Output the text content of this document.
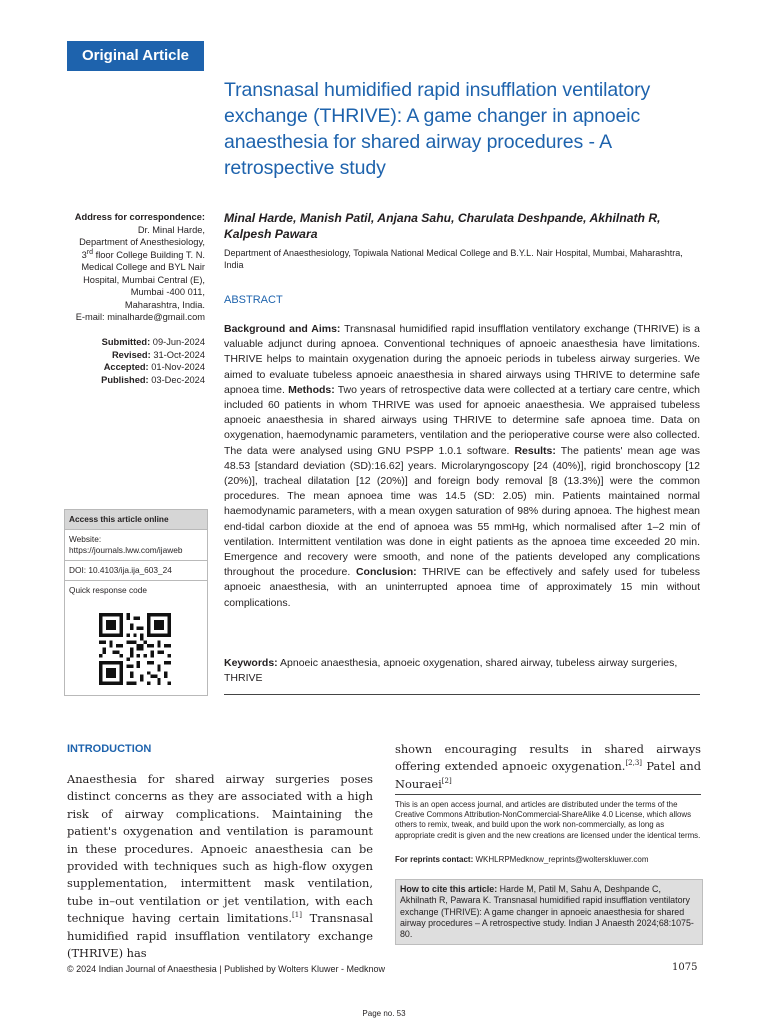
Original Article
Transnasal humidified rapid insufflation ventilatory exchange (THRIVE): A game changer in apnoeic anaesthesia for shared airway procedures - A retrospective study
Address for correspondence:
Dr. Minal Harde,
Department of Anesthesiology,
3rd floor College Building T. N.
Medical College and BYL Nair
Hospital, Mumbai Central (E),
Mumbai -400 011,
Maharashtra, India.
E-mail: minalharde@gmail.com
Submitted: 09-Jun-2024
Revised: 31-Oct-2024
Accepted: 01-Nov-2024
Published: 03-Dec-2024
Access this article online
Website: https://journals.lww.com/ijaweb
DOI: 10.4103/ija.ija_603_24
Quick response code

Minal Harde, Manish Patil, Anjana Sahu, Charulata Deshpande, Akhilnath R, Kalpesh Pawara

Department of Anaesthesiology, Topiwala National Medical College and B.Y.L. Nair Hospital, Mumbai, Maharashtra, India
ABSTRACT

Background and Aims: Transnasal humidified rapid insufflation ventilatory exchange (THRIVE) is a valuable adjunct during apnoea. Conventional techniques of apnoeic anaesthesia have limitations. THRIVE helps to maintain oxygenation during the apnoeic periods in tubeless airway surgeries. We aimed to evaluate tubeless apnoeic anaesthesia in shared airways using THRIVE to determine safe apnoea time. Methods: Two years of retrospective data were collected at a tertiary care centre, which included 60 patients in whom THRIVE was used for apnoeic anaesthesia. We appraised tubeless apnoeic anaesthesia in shared airways using THRIVE to determine safe apnoea time. Data on oxygenation, haemodynamic parameters, ventilation and the perioperative course were also collected. The data were analysed using GNU PSPP 1.0.1 software. Results: The patients' mean age was 48.53 [standard deviation (SD):16.62] years. Microlaryngoscopy [24 (40%)], rigid bronchoscopy [12 (20%)], tracheal dilatation [12 (20%)] and foreign body removal [8 (13.3%)] were the common procedures. The mean apnoea time was 14.5 (SD: 2.05) min. Patients maintained normal haemodynamic parameters, with a mean oxygen saturation of 98% during apnoea. The highest mean end-tidal carbon dioxide at the end of apnoea was 55 mmHg, which normalised after 1–2 min of ventilation. Intermittent ventilation was done in eight patients as the apnoea time exceeded 20 min. Emergence and recovery were smooth, and none of the patients developed any complications throughout the procedure. Conclusion: THRIVE can be effectively and safely used for tubeless apnoeic anaesthesia, with an uninterrupted apnoea time of approximately 15 min without complications.

Keywords: Apnoeic anaesthesia, apnoeic oxygenation, shared airway, tubeless airway surgeries, THRIVE

INTRODUCTION

Anaesthesia for shared airway surgeries poses distinct concerns as they are associated with a high risk of airway complications. Maintaining the patient's oxygenation and ventilation is paramount in these procedures. Apnoeic anaesthesia can be provided with techniques such as high-flow oxygen supplementation, intermittent mask ventilation, tube in–out ventilation or jet ventilation, with each technique having certain limitations.[1] Transnasal humidified rapid insufflation ventilatory exchange (THRIVE) has

shown encouraging results in shared airways offering extended apnoeic oxygenation.[2,3] Patel and Nouraei[2]

This is an open access journal, and articles are distributed under the terms of the Creative Commons Attribution-NonCommercial-ShareAlike 4.0 License, which allows others to remix, tweak, and build upon the work non-commercially, as long as appropriate credit is given and the new creations are licensed under the identical terms.

For reprints contact: WKHLRPMedknow_reprints@wolterskluwer.com

How to cite this article: Harde M, Patil M, Sahu A, Deshpande C, Akhilnath R, Pawara K. Transnasal humidified rapid insufflation ventilatory exchange (THRIVE): A game changer in apnoeic anaesthesia for shared airway procedures – A retrospective study. Indian J Anaesth 2024;68:1075-80.
© 2024 Indian Journal of Anaesthesia | Published by Wolters Kluwer - Medknow	1075
Page no. 53
